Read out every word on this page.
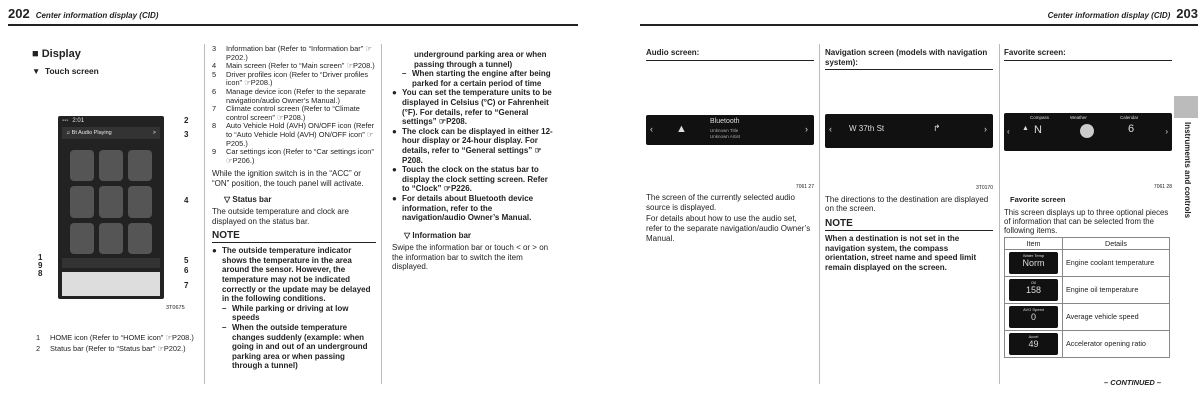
202 Center information display (CID)	Center information display (CID) 203
■ Display
▼  Touch screen
▪▪▪ 2:01
♫ Bt Audio Playing	>
3T0675
2
3
4
1
9
8
5
6
7
1	HOME icon (Refer to “HOME icon” ☞P208.)
2	Status bar (Refer to “Status bar” ☞P202.)
3	Information bar (Refer to “Information bar” ☞P202.)
4	Main screen (Refer to “Main screen” ☞P208.)
5	Driver profiles icon (Refer to “Driver profiles icon” ☞P208.)
6	Manage device icon (Refer to the separate navigation/audio Owner’s Manual.)
7	Climate control screen (Refer to “Climate control screen” ☞P208.)
8	Auto Vehicle Hold (AVH) ON/OFF icon (Refer to “Auto Vehicle Hold (AVH) ON/OFF icon” ☞P205.)
9	Car settings icon (Refer to “Car settings icon” ☞P206.)
While the ignition switch is in the “ACC” or “ON” position, the touch panel will activate.
▽ Status bar
The outside temperature and clock are displayed on the status bar.
NOTE
● The outside temperature indicator shows the temperature in the area around the sensor. However, the temperature may not be indicated correctly or the update may be delayed in the following conditions.
– While parking or driving at low speeds
– When the outside temperature changes suddenly (example: when going in and out of an underground parking area or when passing through a tunnel)
underground parking area or when passing through a tunnel)
– When starting the engine after being parked for a certain period of time
● You can set the temperature units to be displayed in Celsius (°C) or Fahrenheit (°F). For details, refer to “General settings” ☞P208.
● The clock can be displayed in either 12-hour display or 24-hour display. For details, refer to “General settings” ☞P208.
● Touch the clock on the status bar to display the clock setting screen. Refer to “Clock” ☞P226.
● For details about Bluetooth device information, refer to the navigation/audio Owner’s Manual.
▽ Information bar
Swipe the information bar or touch < or > on the information bar to switch the item displayed.
Audio screen:
‹ ▲
Bluetooth
Unknown Title
Unknown Artist
›
7061 27
The screen of the currently selected audio source is displayed.
For details about how to use the audio set, refer to the separate navigation/audio Owner’s Manual.
Navigation screen (models with navigation system):
‹ W 37th St	↱	›
3T0170
The directions to the destination are displayed on the screen.
NOTE
When a destination is not set in the navigation system, the compass orientation, street name and speed limit remain displayed on the screen.
Favorite screen:
‹
Compass
▲ N
Weather	Calendar
6	›
7061 28
Favorite screen
This screen displays up to three optional pieces of information that can be selected from the following items.
Item	Details

Water Temp
Norm	Engine coolant temperature

Oil
158	Engine oil temperature

AVG Speed
0	Average vehicle speed

Accel
49	Accelerator opening ratio
Instruments and controls
– CONTINUED –
